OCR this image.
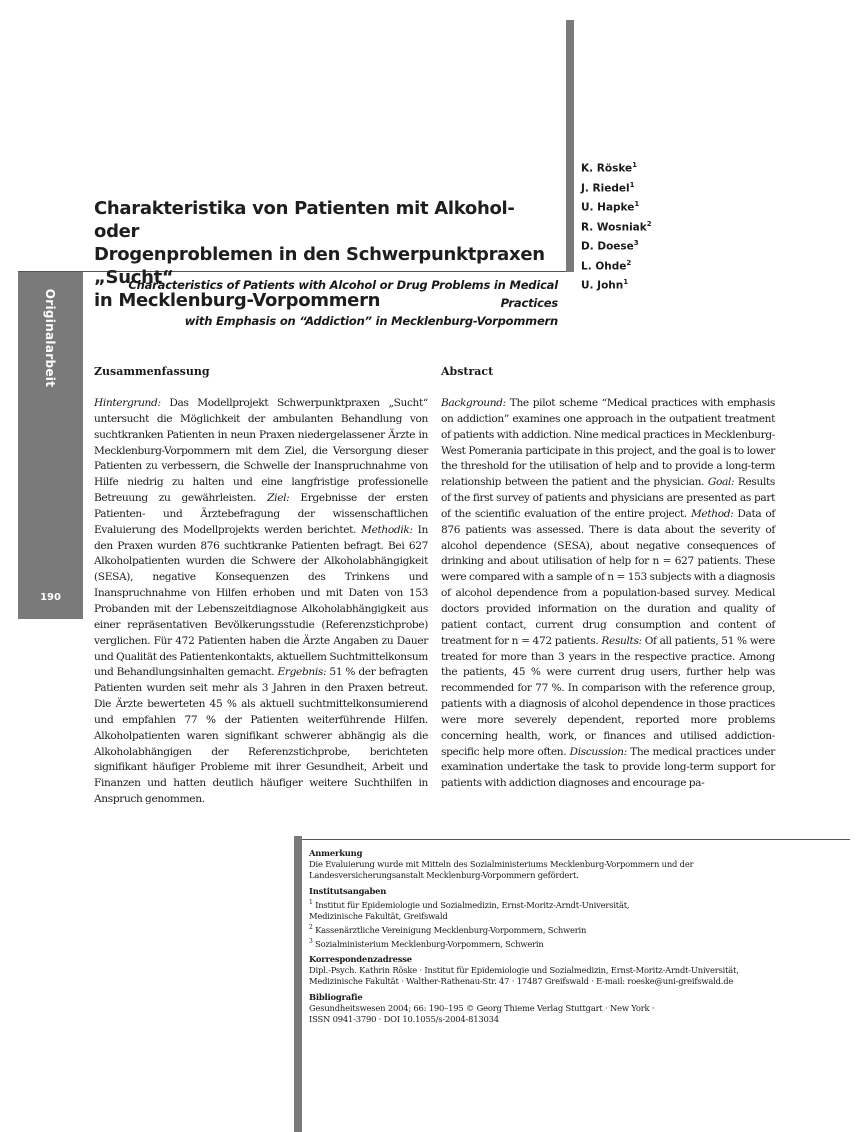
Originalarbeit
190
K. Röske$^1$
J. Riedel$^1$
U. Hapke$^1$
R. Wosniak$^2$
D. Doese$^3$
L. Ohde$^2$
U. John$^1$
Charakteristika von Patienten mit Alkohol- oder
Drogenproblemen in den Schwerpunktpraxen „Sucht“
in Mecklenburg-Vorpommern

Characteristics of Patients with Alcohol or Drug Problems in Medical Practices
with Emphasis on “Addiction” in Mecklenburg-Vorpommern

Zusammenfassung

Hintergrund: Das Modellprojekt Schwerpunktpraxen „Sucht“ untersucht die Möglichkeit der ambulanten Behandlung von suchtkranken Patienten in neun Praxen niedergelassener Ärzte in Mecklenburg-Vorpommern mit dem Ziel, die Versorgung dieser Patienten zu verbessern, die Schwelle der Inanspruchnahme von Hilfe niedrig zu halten und eine langfristige professionelle Betreuung zu gewährleisten. Ziel: Ergebnisse der ersten Patienten- und Ärztebefragung der wissenschaftlichen Evaluierung des Modellprojekts werden berichtet. Methodik: In den Praxen wurden 876 suchtkranke Patienten befragt. Bei 627 Alkoholpatienten wurden die Schwere der Alkoholabhängigkeit (SESA), negative Konsequenzen des Trinkens und Inanspruchnahme von Hilfen erhoben und mit Daten von 153 Probanden mit der Lebenszeitdiagnose Alkoholabhängigkeit aus einer repräsentativen Bevölkerungsstudie (Referenzstichprobe) verglichen. Für 472 Patienten haben die Ärzte Angaben zu Dauer und Qualität des Patientenkontakts, aktuellem Suchtmittelkonsum und Behandlungsinhalten gemacht. Ergebnis: 51 % der befragten Patienten wurden seit mehr als 3 Jahren in den Praxen betreut. Die Ärzte bewerteten 45 % als aktuell suchtmittelkonsumierend und empfahlen 77 % der Patienten weiterführende Hilfen. Alkoholpatienten waren signifikant schwerer abhängig als die Alkoholabhängigen der Referenzstichprobe, berichteten signifikant häufiger Probleme mit ihrer Gesundheit, Arbeit und Finanzen und hatten deutlich häufiger weitere Suchthilfen in Anspruch genommen.

Abstract

Background: The pilot scheme “Medical practices with emphasis on addiction” examines one approach in the outpatient treatment of patients with addiction. Nine medical practices in Mecklenburg-West Pomerania participate in this project, and the goal is to lower the threshold for the utilisation of help and to provide a long-term relationship between the patient and the physician. Goal: Results of the first survey of patients and physicians are presented as part of the scientific evaluation of the entire project. Method: Data of 876 patients was assessed. There is data about the severity of alcohol dependence (SESA), about negative consequences of drinking and about utilisation of help for n = 627 patients. These were compared with a sample of n = 153 subjects with a diagnosis of alcohol dependence from a population-based survey. Medical doctors provided information on the duration and quality of patient contact, current drug consumption and content of treatment for n = 472 patients. Results: Of all patients, 51 % were treated for more than 3 years in the respective practice. Among the patients, 45 % were current drug users, further help was recommended for 77 %. In comparison with the reference group, patients with a diagnosis of alcohol dependence in those practices were more severely dependent, reported more problems concerning health, work, or finances and utilised addiction-specific help more often. Discussion: The medical practices under examination undertake the task to provide long-term support for patients with addiction diagnoses and encourage pa-

Anmerkung
Die Evaluierung wurde mit Mitteln des Sozialministeriums Mecklenburg-Vorpommern und der
Landesversicherungsanstalt Mecklenburg-Vorpommern gefördert.
Institutsangaben
$^1$ Institut für Epidemiologie und Sozialmedizin, Ernst-Moritz-Arndt-Universität,
Medizinische Fakultät, Greifswald
$^2$ Kassenärztliche Vereinigung Mecklenburg-Vorpommern, Schwerin
$^3$ Sozialministerium Mecklenburg-Vorpommern, Schwerin
Korrespondenzadresse
Dipl.-Psych. Kathrin Röske · Institut für Epidemiologie und Sozialmedizin, Ernst-Moritz-Arndt-Universität,
Medizinische Fakultät · Walther-Rathenau-Str. 47 · 17487 Greifswald · E-mail: roeske@uni-greifswald.de
Bibliografie
Gesundheitswesen 2004; 66: 190–195 © Georg Thieme Verlag Stuttgart · New York ·
ISSN 0941-3790 · DOI 10.1055/s-2004-813034
